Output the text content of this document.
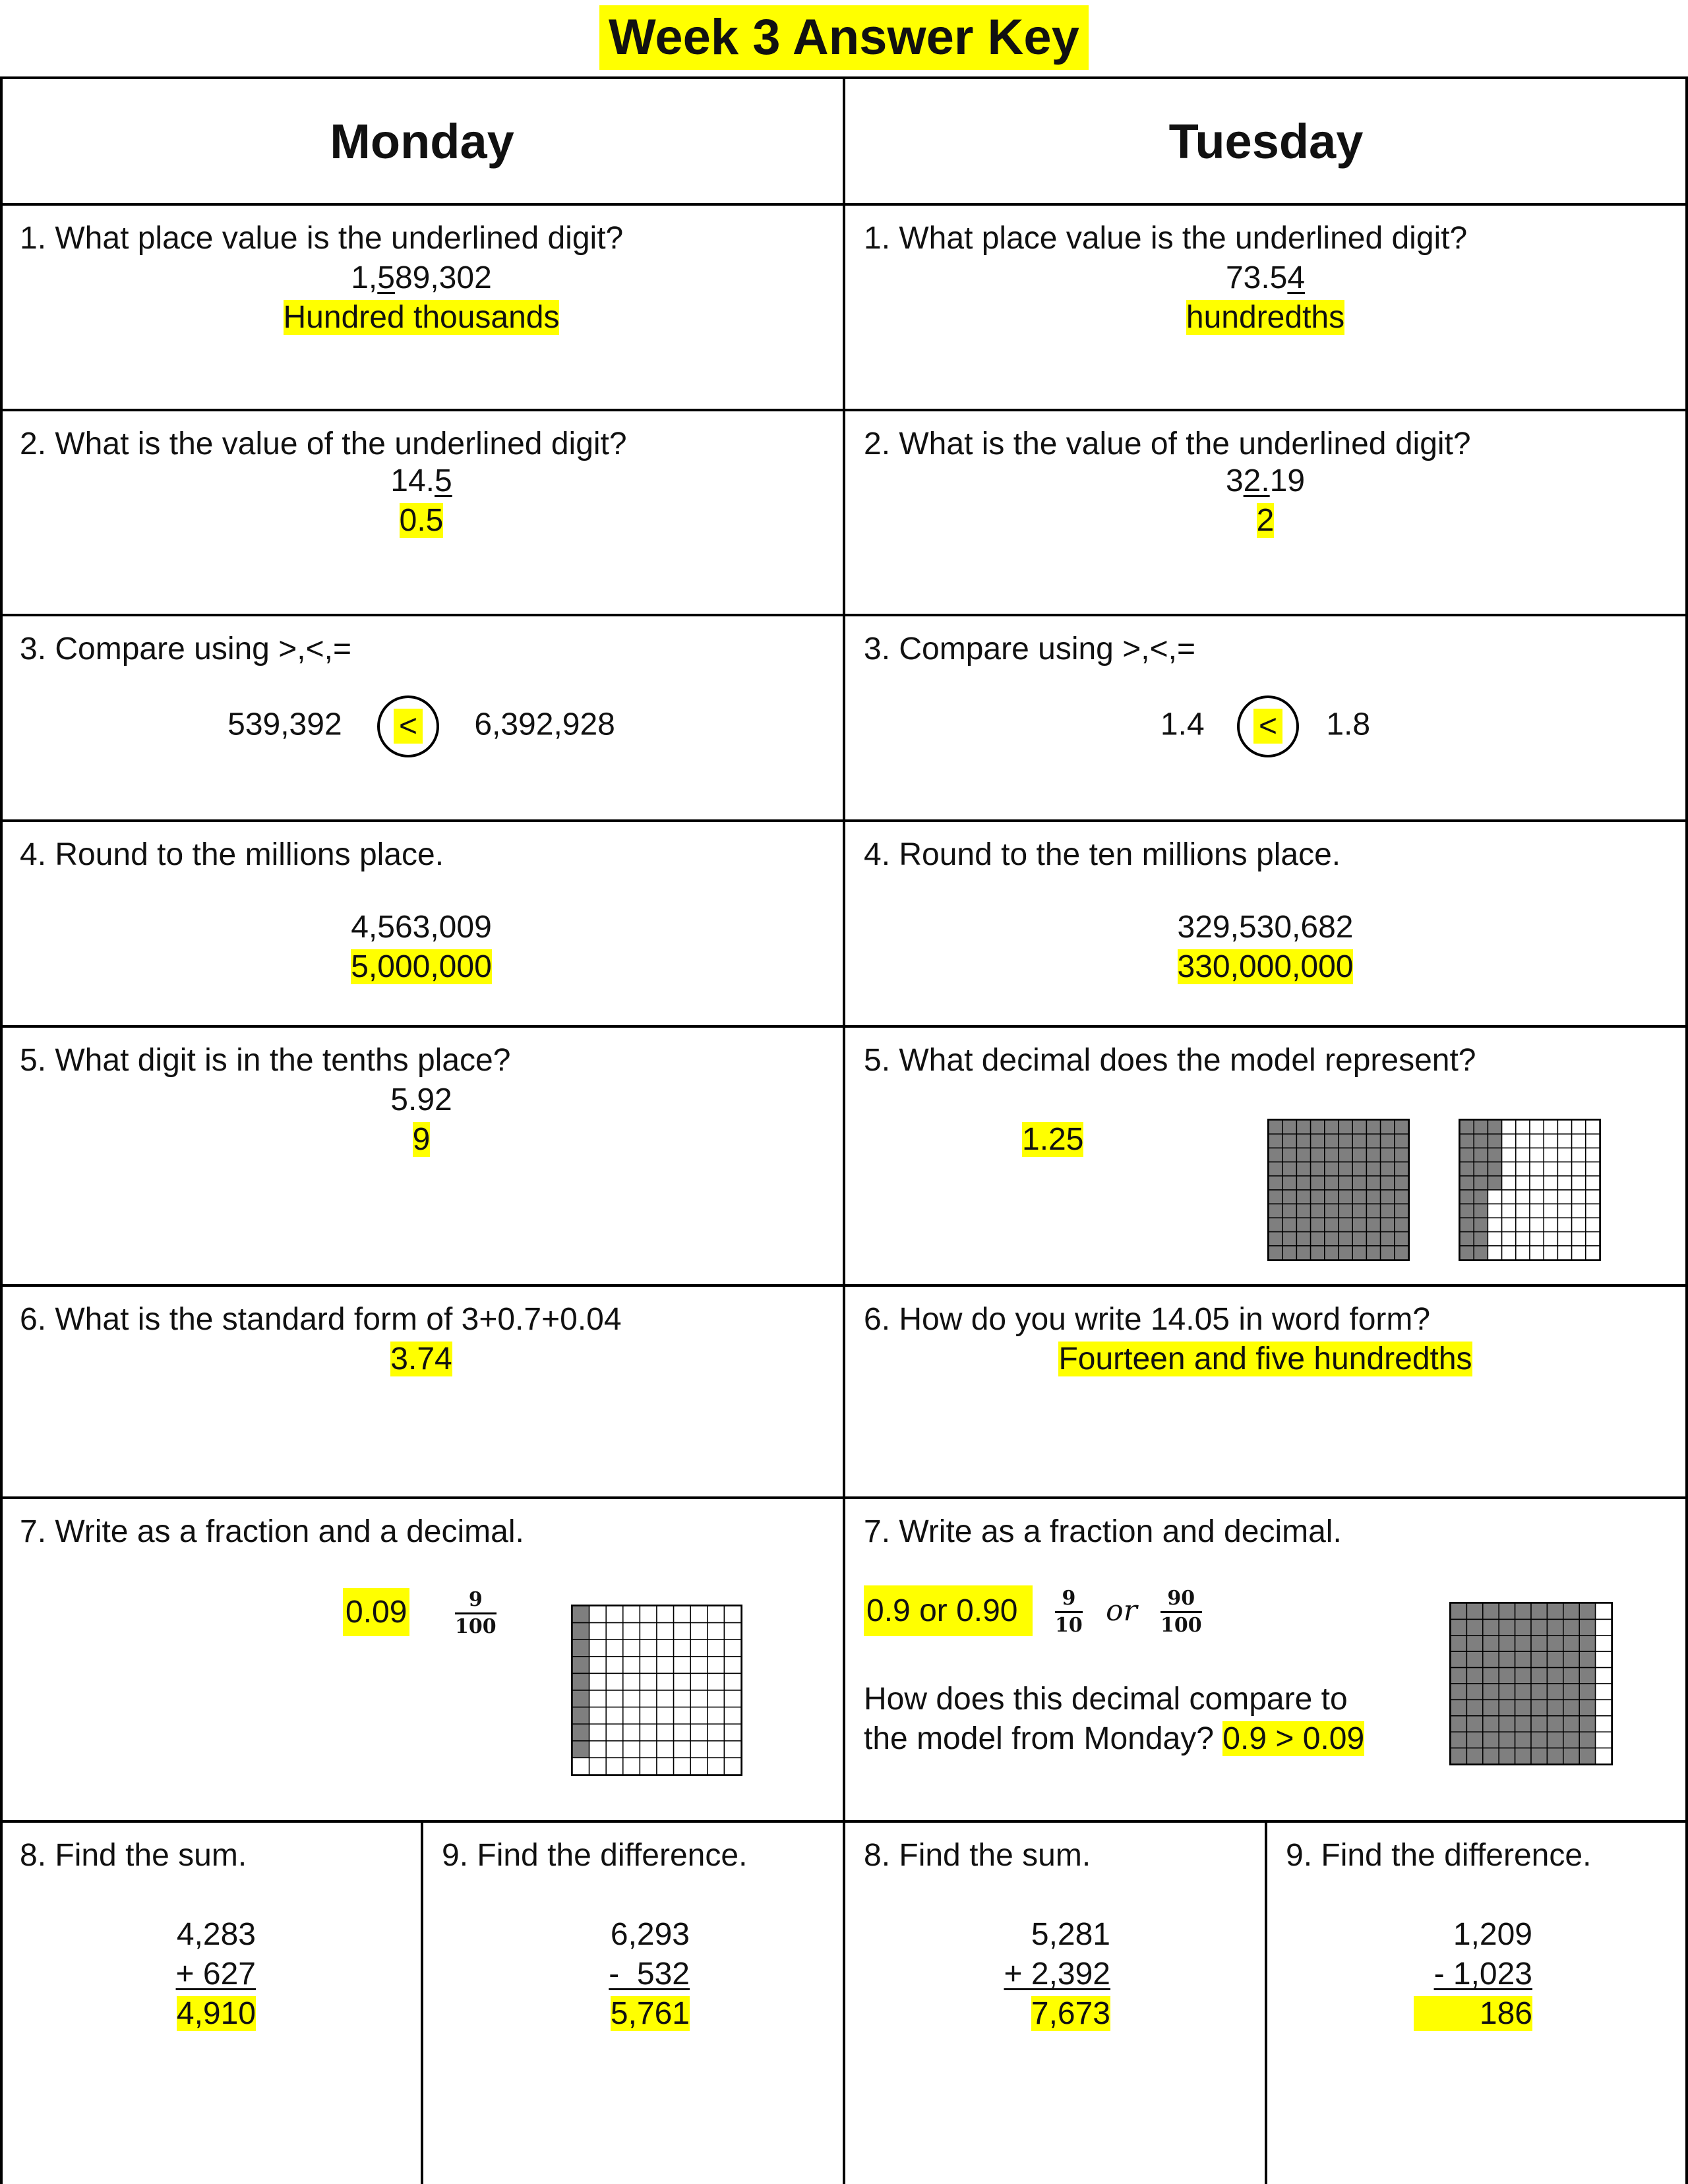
Week 3 Answer Key
Monday	Tuesday
1. What place value is the underlined digit?
1,589,302
Hundred thousands
2. What is the value of the underlined digit?
14.5
0.5
3. Compare using >,<,=
539,392 < 6,392,928
4. Round to the millions place.
4,563,009
5,000,000
5. What digit is in the tenths place?
5.92
9
6. What is the standard form of 3+0.7+0.04
3.74
7. Write as a fraction and a decimal.
$0.09 \frac{9}{100}$
8. Find the sum.
4,283
+ 627
4,910
9. Find the difference.
6,293
-  532
5,761
1. What place value is the underlined digit?
73.54
hundredths
2. What is the value of the underlined digit?
32.19
2
3. Compare using >,<,=
1.4 < 1.8
4. Round to the ten millions place.
329,530,682
330,000,000
5. What decimal does the model represent?
1.25
6. How do you write 14.05 in word form?
Fourteen and five hundredths
7. Write as a fraction and decimal.
0.9 or 0.90	$\frac{9}{10}$ or $\frac{90}{100}$
How does this decimal compare to
the model from Monday? 0.9 > 0.09
8. Find the sum.
5,281
+ 2,392
7,673
9. Find the difference.
1,209
- 1,023
186
